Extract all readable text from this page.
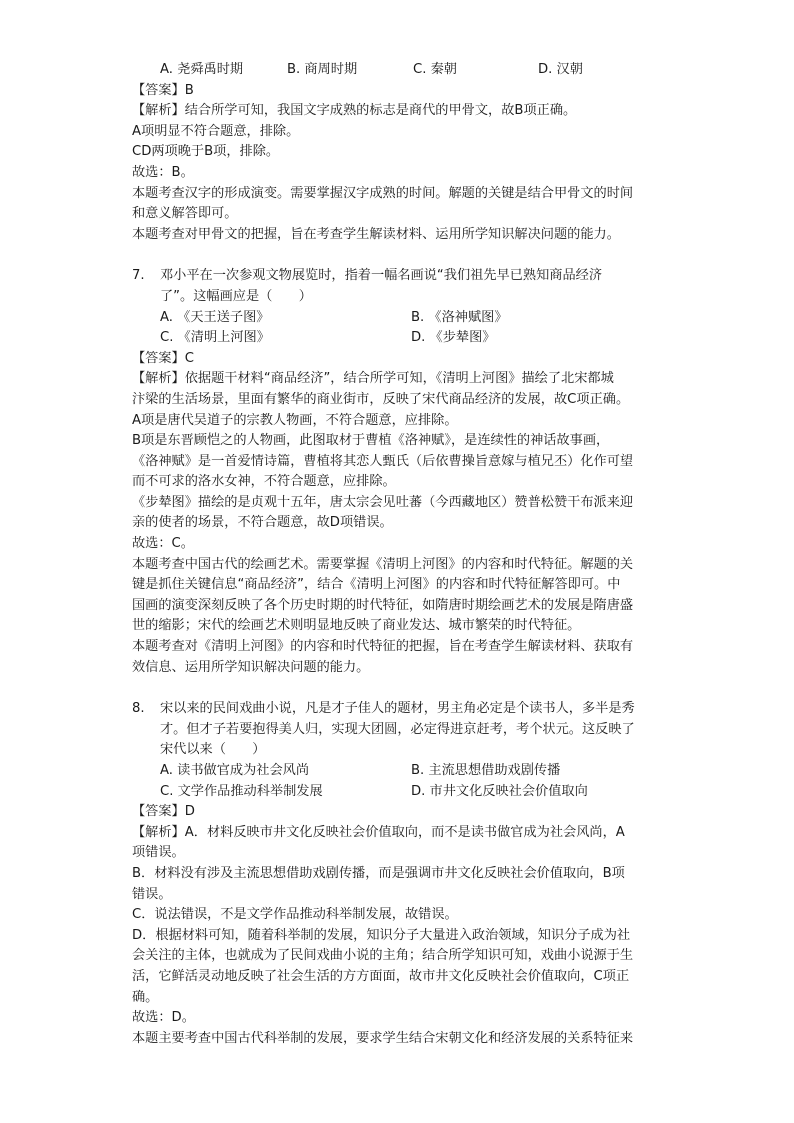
A. 尧舜禹时期	B. 商周时期	C. 秦朝	D. 汉朝
【答案】B
【解析】结合所学可知，我国文字成熟的标志是商代的甲骨文，故B项正确。
A项明显不符合题意，排除。
CD两项晚于B项，排除。
故选：B。
本题考查汉字的形成演变。需要掌握汉字成熟的时间。解题的关键是结合甲骨文的时间
和意义解答即可。
本题考查对甲骨文的把握，旨在考查学生解读材料、运用所学知识解决问题的能力。
7.	邓小平在一次参观文物展览时，指着一幅名画说“我们祖先早已熟知商品经济
了”。这幅画应是（　　）
A. 《天王送子图》	B. 《洛神赋图》
C. 《清明上河图》	D. 《步辇图》
【答案】C
【解析】依据题干材料“商品经济”，结合所学可知，《清明上河图》描绘了北宋都城
汴梁的生活场景，里面有繁华的商业街市，反映了宋代商品经济的发展，故C项正确。
A项是唐代吴道子的宗教人物画，不符合题意，应排除。
B项是东晋顾恺之的人物画，此图取材于曹植《洛神赋》，是连续性的神话故事画，
《洛神赋》是一首爱情诗篇，曹植将其恋人甄氏（后依曹操旨意嫁与植兄丕）化作可望
而不可求的洛水女神，不符合题意，应排除。
《步辇图》描绘的是贞观十五年，唐太宗会见吐蕃（今西藏地区）赞普松赞干布派来迎
亲的使者的场景，不符合题意，故D项错误。
故选：C。
本题考查中国古代的绘画艺术。需要掌握《清明上河图》的内容和时代特征。解题的关
键是抓住关键信息“商品经济”，结合《清明上河图》的内容和时代特征解答即可。中
国画的演变深刻反映了各个历史时期的时代特征，如隋唐时期绘画艺术的发展是隋唐盛
世的缩影；宋代的绘画艺术则明显地反映了商业发达、城市繁荣的时代特征。
本题考查对《清明上河图》的内容和时代特征的把握，旨在考查学生解读材料、获取有
效信息、运用所学知识解决问题的能力。
8.	宋以来的民间戏曲小说，凡是才子佳人的题材，男主角必定是个读书人，多半是秀
才。但才子若要抱得美人归，实现大团圆，必定得进京赶考，考个状元。这反映了
宋代以来（　　）
A. 读书做官成为社会风尚	B. 主流思想借助戏剧传播
C. 文学作品推动科举制发展	D. 市井文化反映社会价值取向
【答案】D
【解析】A．材料反映市井文化反映社会价值取向，而不是读书做官成为社会风尚，A
项错误。
B．材料没有涉及主流思想借助戏剧传播，而是强调市井文化反映社会价值取向，B项
错误。
C．说法错误，不是文学作品推动科举制发展，故错误。
D．根据材料可知，随着科举制的发展，知识分子大量进入政治领域，知识分子成为社
会关注的主体，也就成为了民间戏曲小说的主角；结合所学知识可知，戏曲小说源于生
活，它鲜活灵动地反映了社会生活的方方面面，故市井文化反映社会价值取向，C项正
确。
故选：D。
本题主要考查中国古代科举制的发展，要求学生结合宋朝文化和经济发展的关系特征来
